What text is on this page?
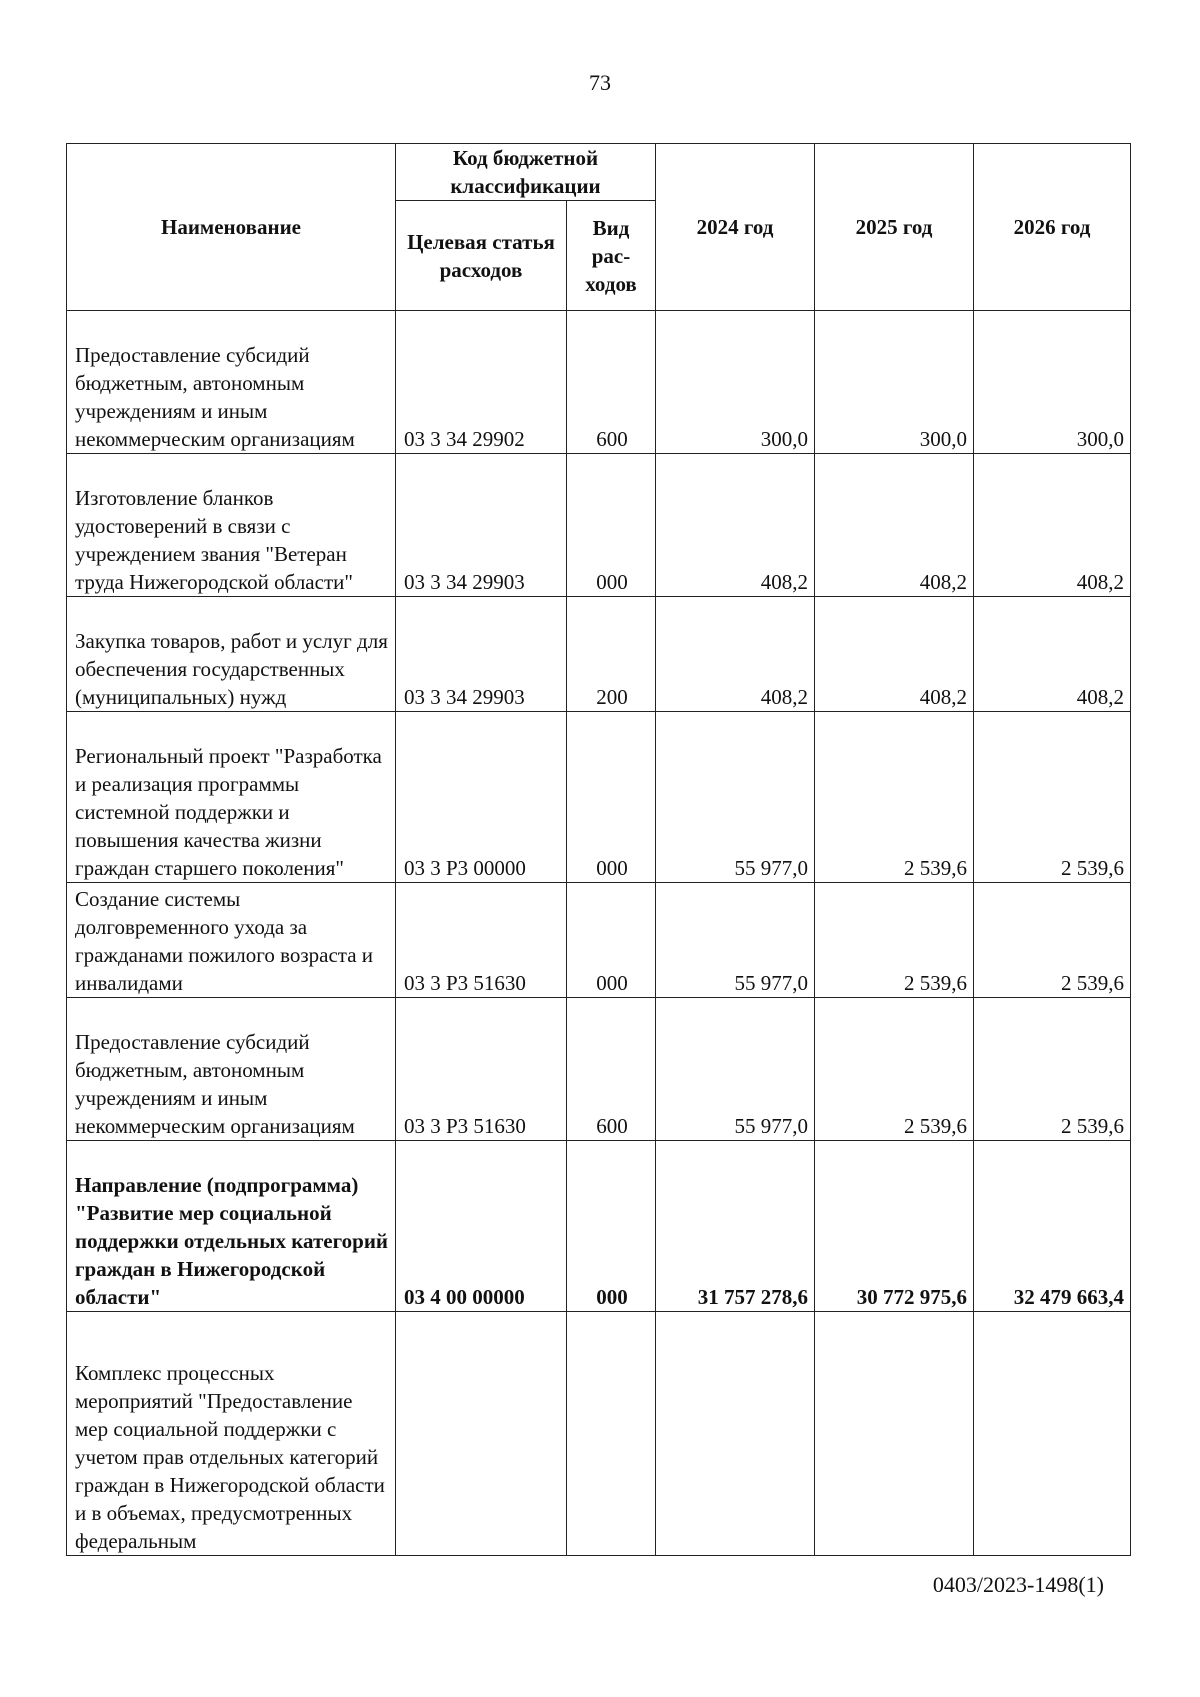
73
Наименование	Код бюджетной классификации		2024 год	2025 год	2026 год
	Целевая статья расходов	Вид рас-ходов			
Предоставление субсидий бюджетным, автономным учреждениям и иным некоммерческим организациям	03 3 34 29902	600	300,0	300,0	300,0
Изготовление бланков удостоверений в связи с учреждением звания "Ветеран труда Нижегородской области"	03 3 34 29903	000	408,2	408,2	408,2
Закупка товаров, работ и услуг для обеспечения государственных (муниципальных) нужд	03 3 34 29903	200	408,2	408,2	408,2
Региональный проект "Разработка и реализация программы системной поддержки и повышения качества жизни граждан старшего поколения"	03 3 P3 00000	000	55 977,0	2 539,6	2 539,6
Создание системы долговременного ухода за гражданами пожилого возраста и инвалидами	03 3 P3 51630	000	55 977,0	2 539,6	2 539,6
Предоставление субсидий бюджетным, автономным учреждениям и иным некоммерческим организациям	03 3 P3 51630	600	55 977,0	2 539,6	2 539,6
Направление (подпрограмма) "Развитие мер социальной поддержки отдельных категорий граждан в Нижегородской области"	03 4 00 00000	000	31 757 278,6	30 772 975,6	32 479 663,4
Комплекс процессных мероприятий "Предоставление мер социальной поддержки с учетом прав отдельных категорий граждан в Нижегородской области и в объемах, предусмотренных федеральным					
0403/2023-1498(1)
